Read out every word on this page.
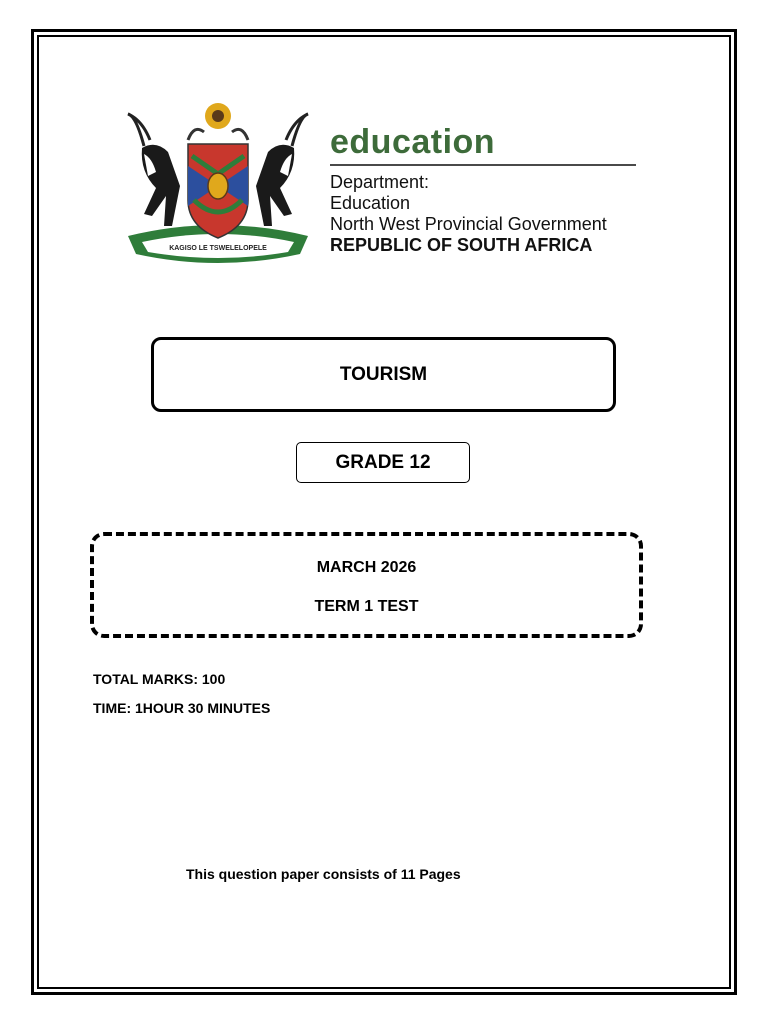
KAGISO LE TSWELELOPELE
education
Department:
Education
North West Provincial Government
REPUBLIC OF SOUTH AFRICA
TOURISM
GRADE 12
MARCH 2026
TERM 1 TEST
TOTAL MARKS: 100
TIME: 1HOUR 30 MINUTES
This question paper consists of 11 Pages
